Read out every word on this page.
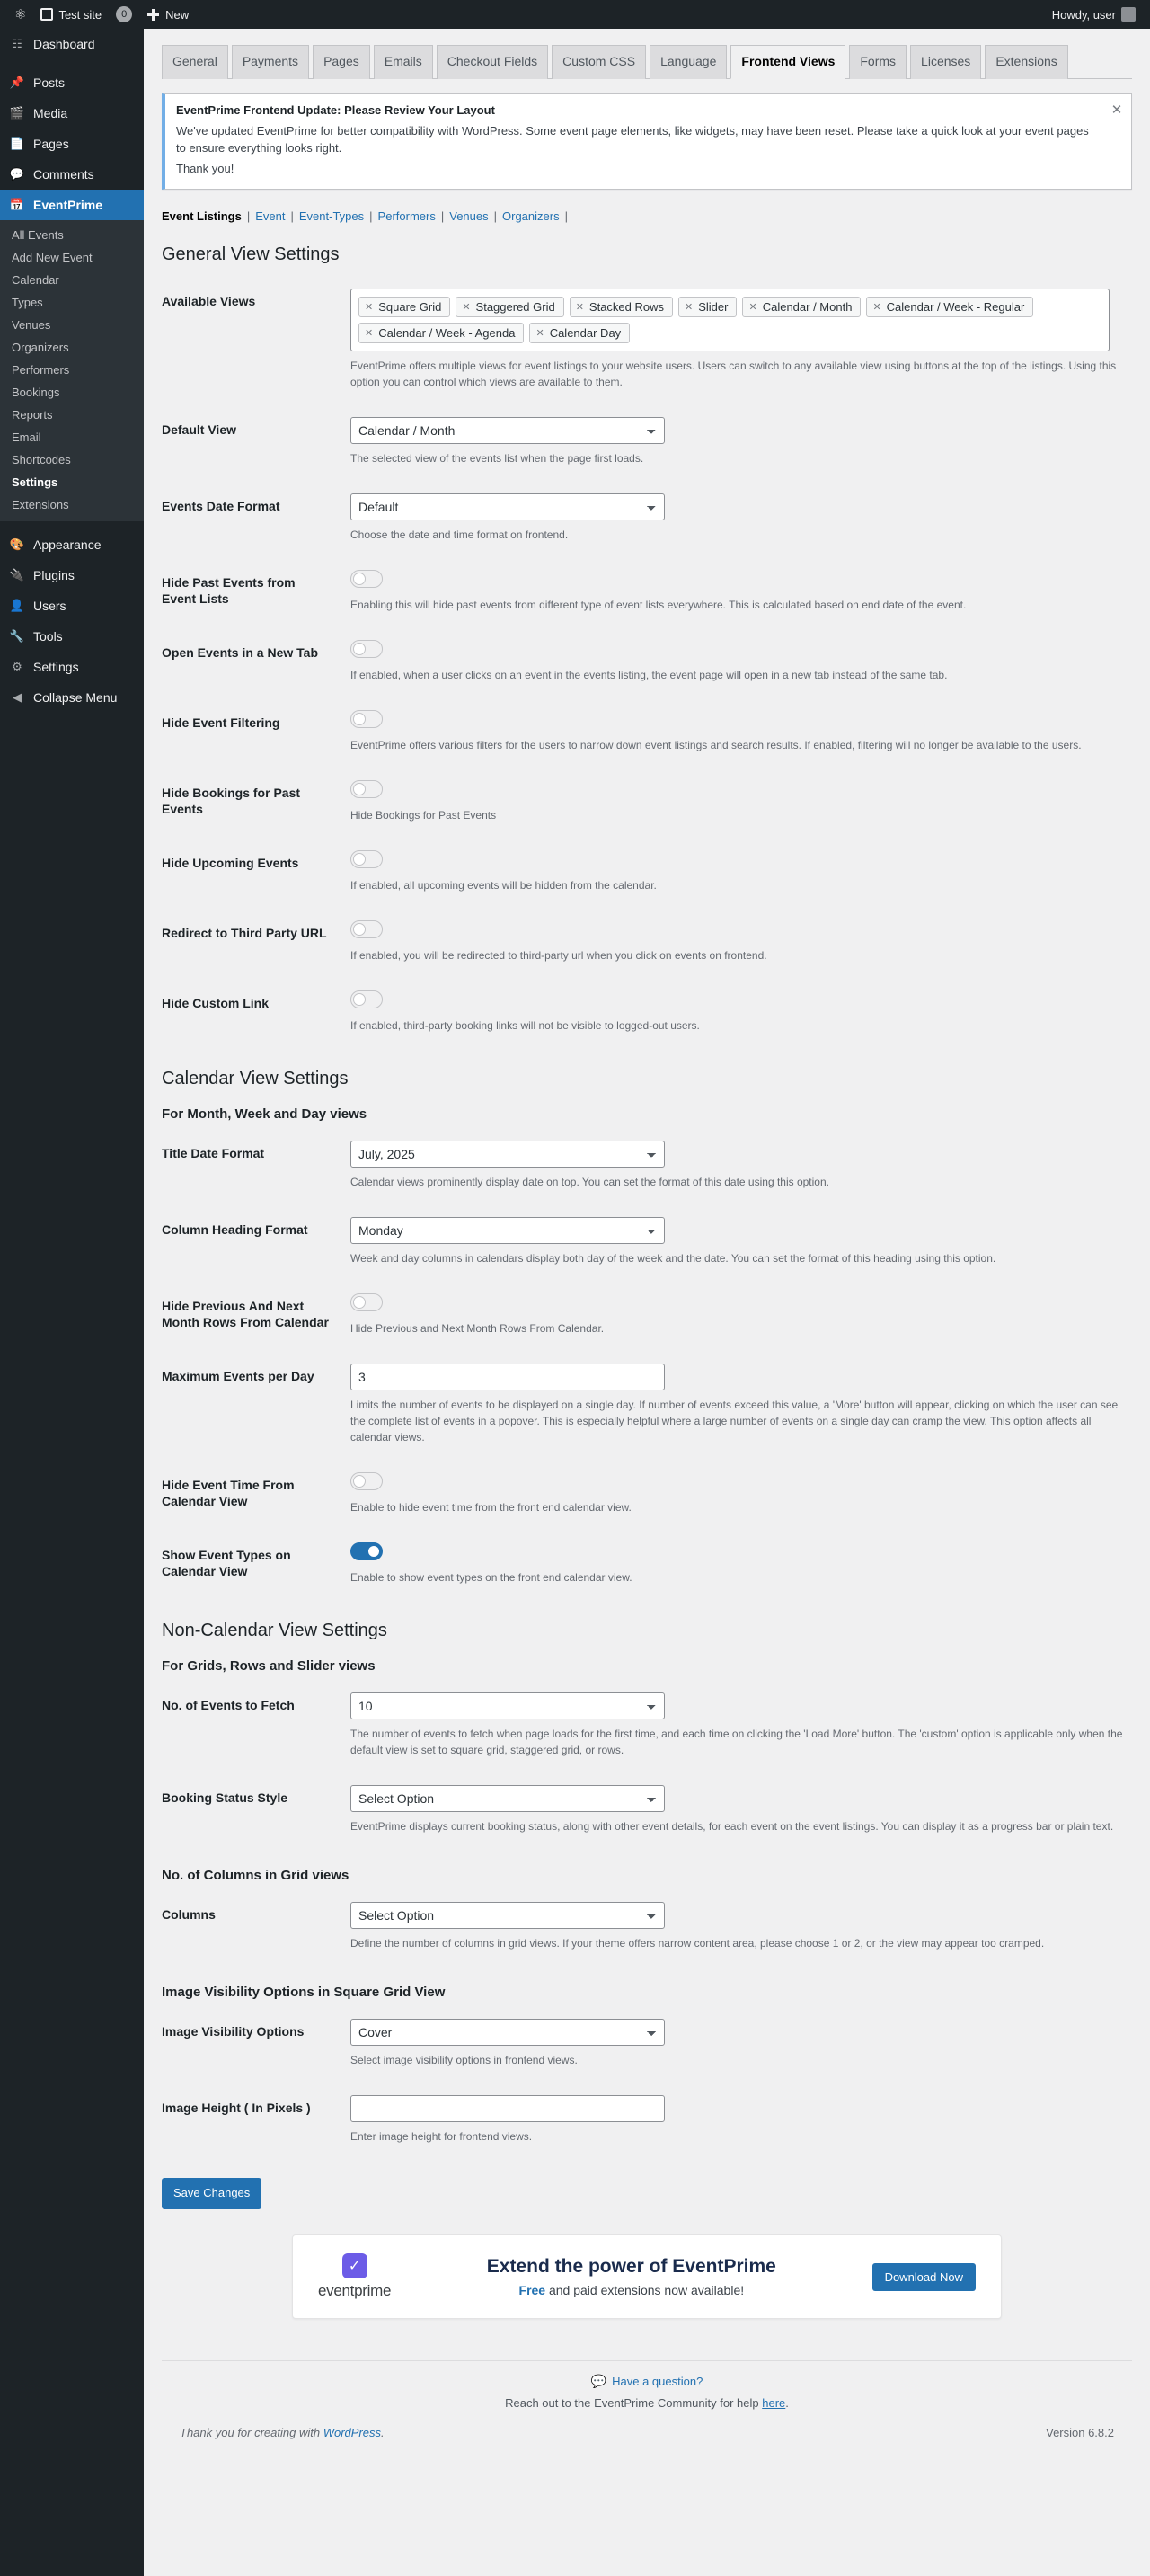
⚛	Test site	0	New	Howdy, user
☷ Dashboard
📌 Posts
🎬 Media
📄 Pages
💬 Comments
📅 EventPrime
All Events
Add New Event
Calendar
Types
Venues
Organizers
Performers
Bookings
Reports
Email
Shortcodes
Settings
Extensions
🎨 Appearance
🔌 Plugins
👤 Users
🔧 Tools
⚙ Settings
◀ Collapse Menu
General	Payments	Pages	Emails	Checkout Fields	Custom CSS	Language	Frontend Views	Forms	Licenses	Extensions
✕
EventPrime Frontend Update: Please Review Your Layout

We've updated EventPrime for better compatibility with WordPress. Some event page elements, like widgets, may have been reset. Please take a quick look at your event pages to ensure everything looks right.

Thank you!

Event Listings | Event | Event-Types | Performers | Venues | Organizers |
General View Settings
Available Views	✕ Square Grid ✕ Staggered Grid ✕ Stacked Rows ✕ Slider ✕ Calendar / Month ✕ Calendar / Week - Regular
✕ Calendar / Week - Agenda ✕ Calendar Day

EventPrime offers multiple views for event listings to your website users. Users can switch to any available view using buttons at the top of the listings. Using this option you can control which views are available to them.

Default View	
Calendar / Month

The selected view of the events list when the page first loads.

Events Date Format	
Default

Choose the date and time format on frontend.

Hide Past Events from Event Lists	Enabling this will hide past events from different type of event lists everywhere. This is calculated based on end date of the event.

Open Events in a New Tab	If enabled, when a user clicks on an event in the events listing, the event page will open in a new tab instead of the same tab.

Hide Event Filtering	EventPrime offers various filters for the users to narrow down event listings and search results. If enabled, filtering will no longer be available to the users.

Hide Bookings for Past Events	Hide Bookings for Past Events

Hide Upcoming Events	If enabled, all upcoming events will be hidden from the calendar.

Redirect to Third Party URL	If enabled, you will be redirected to third-party url when you click on events on frontend.

Hide Custom Link	If enabled, third-party booking links will not be visible to logged-out users.

Calendar View Settings
For Month, Week and Day views
Title Date Format	
July, 2025

Calendar views prominently display date on top. You can set the format of this date using this option.

Column Heading Format	
Monday

Week and day columns in calendars display both day of the week and the date. You can set the format of this heading using this option.

Hide Previous And Next Month Rows From Calendar	Hide Previous and Next Month Rows From Calendar.

Maximum Events per Day	3

Limits the number of events to be displayed on a single day. If number of events exceed this value, a 'More' button will appear, clicking on which the user can see the complete list of events in a popover. This is especially helpful where a large number of events on a single day can cramp the view. This option affects all calendar views.

Hide Event Time From Calendar View	Enable to hide event time from the front end calendar view.

Show Event Types on Calendar View	Enable to show event types on the front end calendar view.

Non-Calendar View Settings
For Grids, Rows and Slider views
No. of Events to Fetch	
10

The number of events to fetch when page loads for the first time, and each time on clicking the 'Load More' button. The 'custom' option is applicable only when the default view is set to square grid, staggered grid, or rows.

Booking Status Style	
Select Option

EventPrime displays current booking status, along with other event details, for each event on the event listings. You can display it as a progress bar or plain text.

No. of Columns in Grid views
Columns	
Select Option

Define the number of columns in grid views. If your theme offers narrow content area, please choose 1 or 2, or the view may appear too cramped.

Image Visibility Options in Square Grid View
Image Visibility Options	
Cover

Select image visibility options in frontend views.

Image Height ( In Pixels )	Enter image height for frontend views.

Save Changes
✓
eventprime
Extend the power of EventPrime

Free and paid extensions now available!

Download Now
💬 Have a question?
Reach out to the EventPrime Community for help here.
Thank you for creating with WordPress.	Version 6.8.2
